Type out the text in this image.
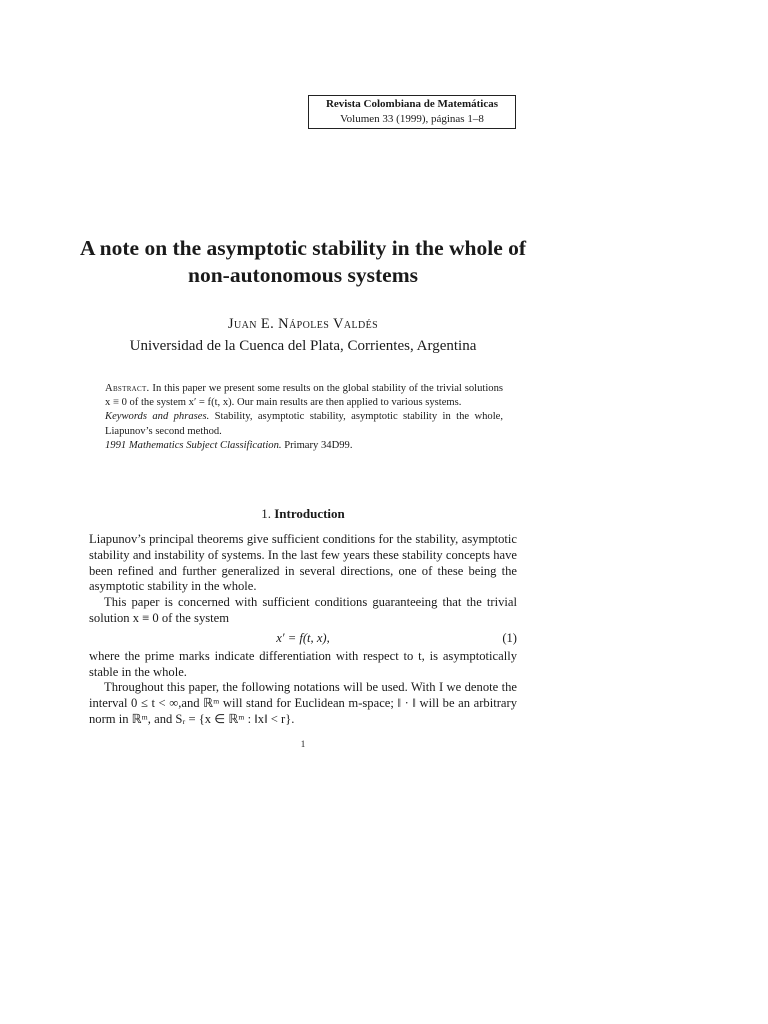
Revista Colombiana de Matemáticas
Volumen 33 (1999), páginas 1–8
A note on the asymptotic stability in the whole of non-autonomous systems
Juan E. Nápoles Valdés
Universidad de la Cuenca del Plata, Corrientes, Argentina

Abstract. In this paper we present some results on the global stability of the trivial solutions x ≡ 0 of the system x′ = f(t, x). Our main results are then applied to various systems.

Keywords and phrases. Stability, asymptotic stability, asymptotic stability in the whole, Liapunov’s second method.

1991 Mathematics Subject Classification. Primary 34D99.

1. Introduction

Liapunov’s principal theorems give sufficient conditions for the stability, asymptotic stability and instability of systems. In the last few years these stability concepts have been refined and further generalized in several directions, one of these being the asymptotic stability in the whole.

This paper is concerned with sufficient conditions guaranteeing that the trivial solution x ≡ 0 of the system

x′ = f(t, x),	(1)

where the prime marks indicate differentiation with respect to t, is asymptotically stable in the whole.

Throughout this paper, the following notations will be used. With I we denote the interval 0 ≤ t < ∞,and ℝᵐ will stand for Euclidean m-space; ‖ · ‖ will be an arbitrary norm in ℝᵐ, and Sᵣ = {x ∈ ℝᵐ : ‖x‖ < r}.

1
